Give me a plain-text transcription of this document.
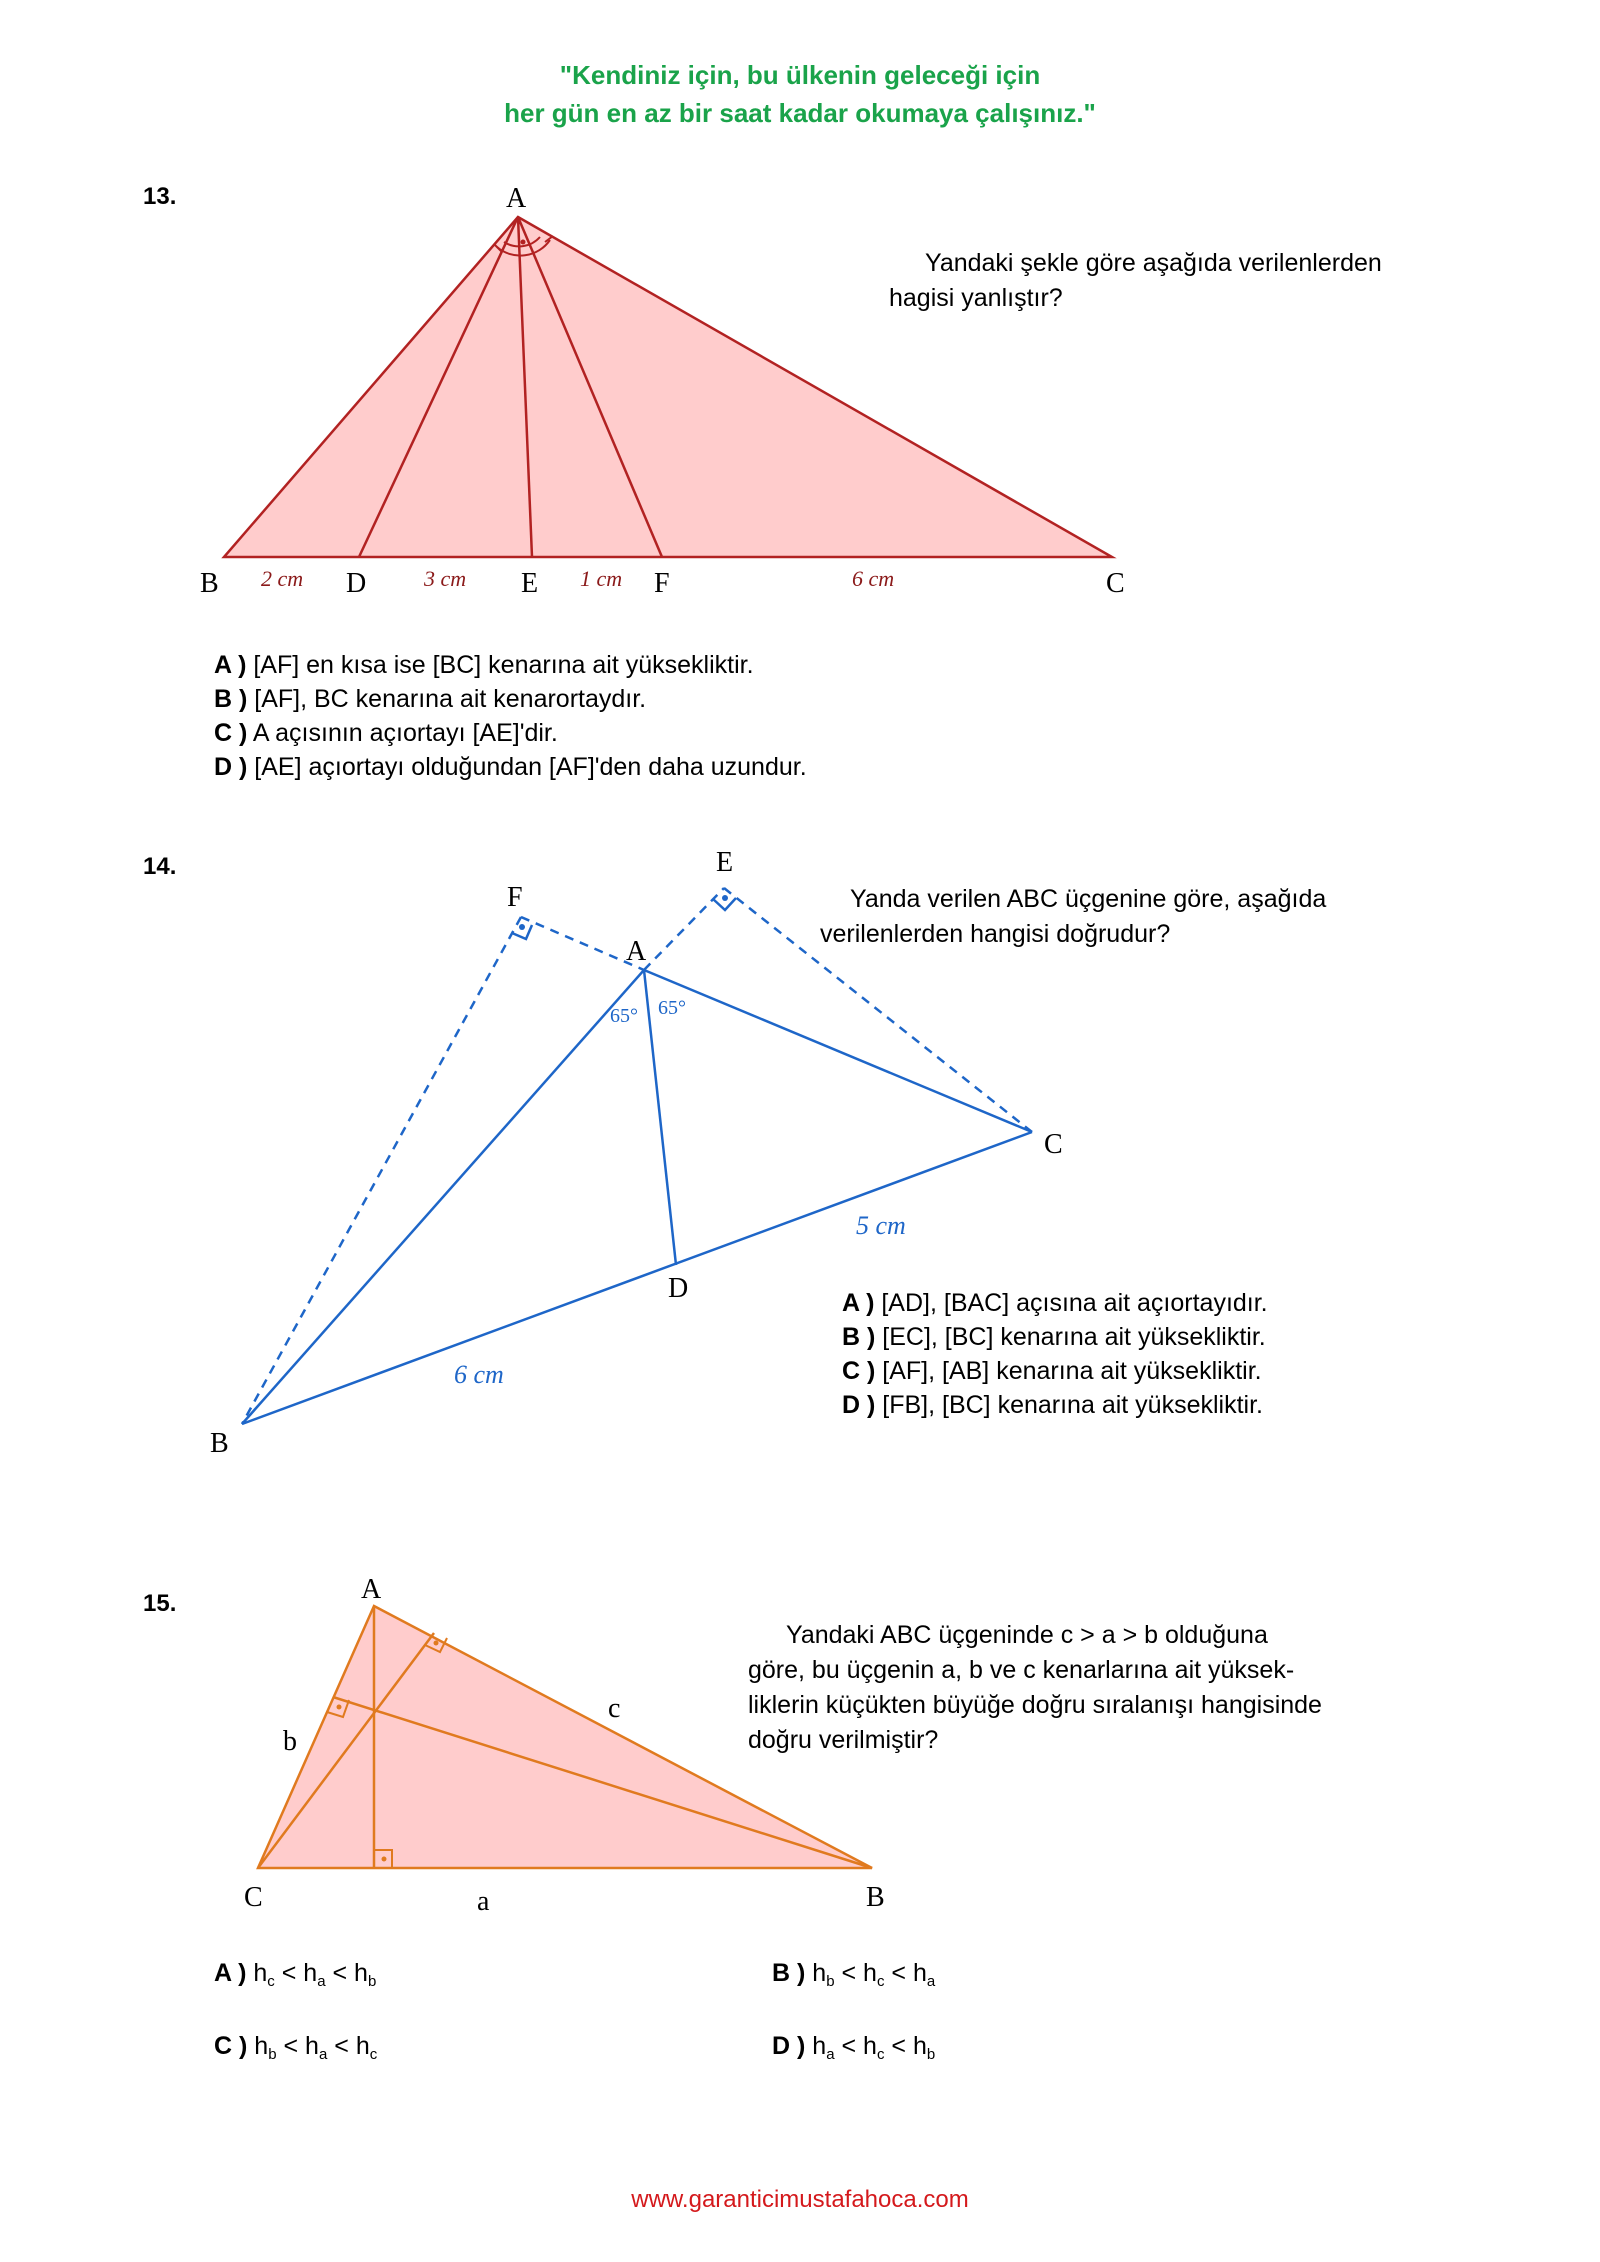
"Kendiniz için, bu ülkenin geleceği için
her gün en az bir saat kadar okumaya çalışınız."
13.	A
B	D	E	F	C
2 cm	3 cm	1 cm	6 cm
A
B
C
D
E
F
65° 65°
6 cm
5 cm
A
C	B
c
b
a
Yandaki şekle göre aşağıda verilenlerden
hagisi yanlıştır?
A ) [AF] en kısa ise [BC] kenarına ait yüksekliktir.
B ) [AF], BC kenarına ait kenarortaydır.
C ) A açısının açıortayı [AE]'dir.
D ) [AE] açıortayı olduğundan [AF]'den daha uzundur.
14.
Yanda verilen ABC üçgenine göre, aşağıda
verilenlerden hangisi doğrudur?
A ) [AD], [BAC] açısına ait açıortayıdır.
B ) [EC], [BC] kenarına ait yüksekliktir.
C ) [AF], [AB] kenarına ait yüksekliktir.
D ) [FB], [BC] kenarına ait yüksekliktir.
15.
Yandaki ABC üçgeninde c > a > b olduğuna
göre, bu üçgenin a, b ve c kenarlarına ait yüksek-
liklerin küçükten büyüğe doğru sıralanışı hangisinde
doğru verilmiştir?
A ) $h_c < h_a < h_b$	B ) $h_b < h_c < h_a$
C ) $h_b < h_a < h_c$	D ) $h_a < h_c < h_b$
www.garanticimustafahoca.com
